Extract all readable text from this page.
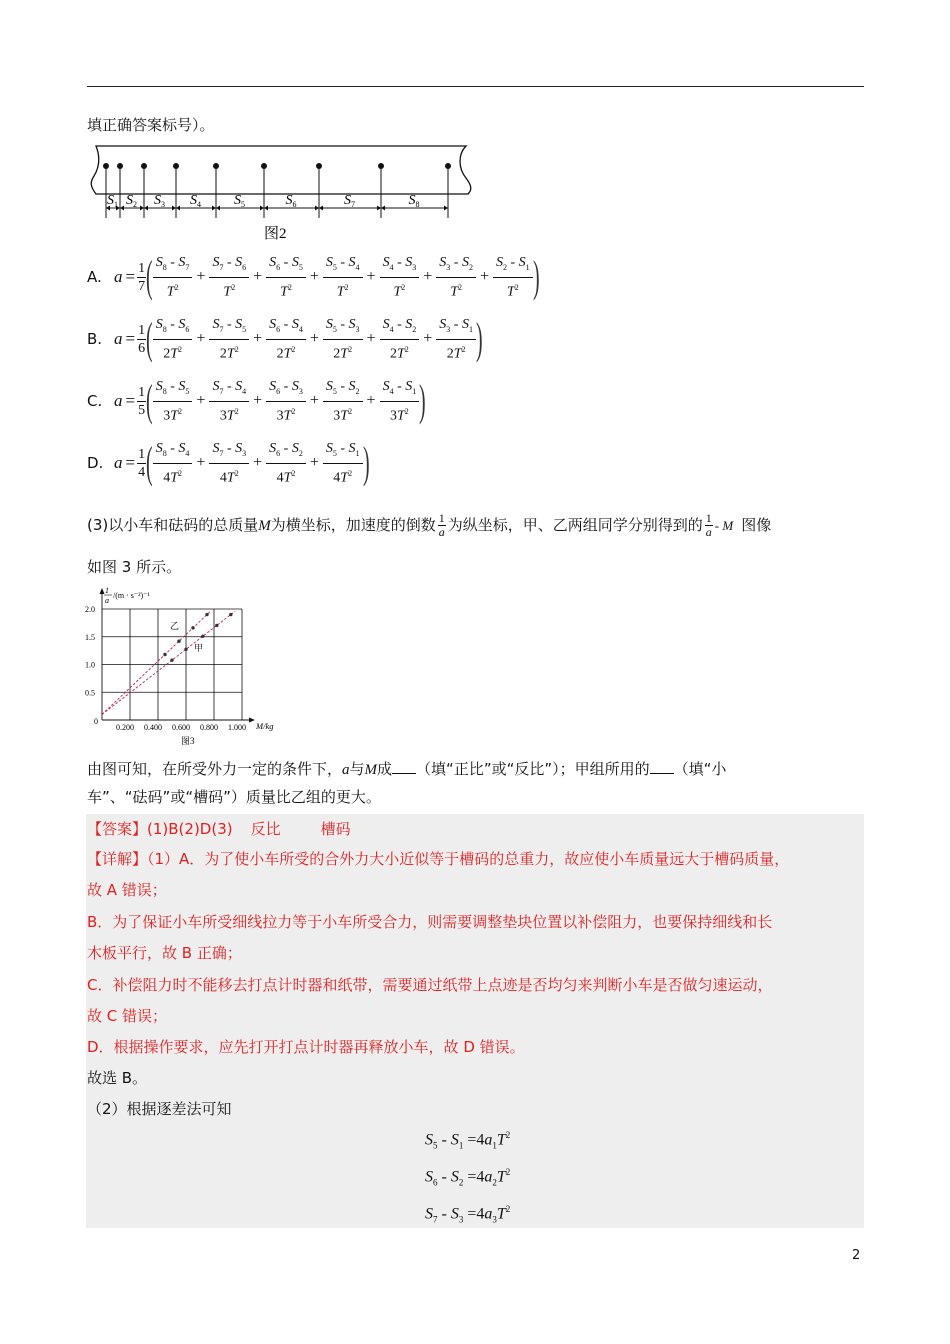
填正确答案标号）。
$S_1$ $S_2$ $S_3$ $S_4$ $S_5$	$S_6$	$S_7$	$S_8$
图2
A. $a = \frac{1}{7}$ ( $\frac{S_8 - S_7}{T^2} + \frac{S_7 - S_6}{T^2} + \frac{S_6 - S_5}{T^2} + \frac{S_5 - S_4}{T^2} + \frac{S_4 - S_3}{T^2} + \frac{S_3 - S_2}{T^2} + \frac{S_2 - S_1}{T^2}$ )
B. $a = \frac{1}{6}$ ( $\frac{S_8 - S_6}{2T^2} + \frac{S_7 - S_5}{2T^2} + \frac{S_6 - S_4}{2T^2} + \frac{S_5 - S_3}{2T^2} + \frac{S_4 - S_2}{2T^2} + \frac{S_3 - S_1}{2T^2}$ )
C. $a = \frac{1}{5}$ ( $\frac{S_8 - S_5}{3T^2} + \frac{S_7 - S_4}{3T^2} + \frac{S_6 - S_3}{3T^2} + \frac{S_5 - S_2}{3T^2} + \frac{S_4 - S_1}{3T^2}$ )
D. $a = \frac{1}{4}$ ( $\frac{S_8 - S_4}{4T^2} + \frac{S_7 - S_3}{4T^2} + \frac{S_6 - S_2}{4T^2} + \frac{S_5 - S_1}{4T^2}$ )
(3)以小车和砝码的总质量M为横坐标，加速度的倒数 $\frac{1}{a}$ 为纵坐标，甲、乙两组同学分别得到的 $\frac{1}{a}$ - M 图像
如图 3 所示。
0.200 0.400 0.600 0.800 1.000
2.0
1.5
1.0
0.5
0
1
a
/(m · s⁻²)⁻¹
M/kg
图3
乙
甲
由图可知，在所受外力一定的条件下，a与M成 （填“正比”或“反比”）；甲组所用的 （填“小
车”、“砝码”或“槽码”）质量比乙组的更大。
【答案】(1)B(2)D(3) 反比	槽码
【详解】（1）A．为了使小车所受的合外力大小近似等于槽码的总重力，故应使小车质量远大于槽码质量，
故 A 错误；
B．为了保证小车所受细线拉力等于小车所受合力，则需要调整垫块位置以补偿阻力，也要保持细线和长
木板平行，故 B 正确；
C．补偿阻力时不能移去打点计时器和纸带，需要通过纸带上点迹是否均匀来判断小车是否做匀速运动，
故 C 错误；
D．根据操作要求，应先打开打点计时器再释放小车，故 D 错误。
故选 B。
（2）根据逐差法可知
$S_5 - S_1 =4a_1T^2$
$S_6 - S_2 =4a_2T^2$
$S_7 - S_3 =4a_3T^2$
2
